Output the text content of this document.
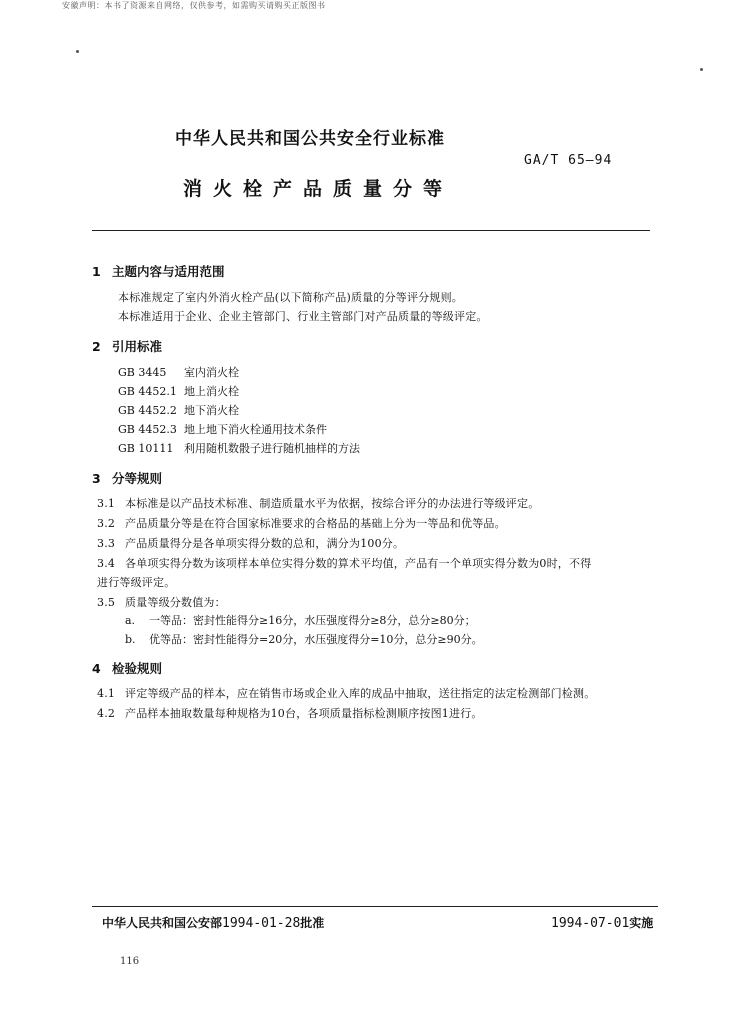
安徽声明：本书了资源来自网络，仅供参考，如需购买请购买正版图书
中华人民共和国公共安全行业标准
GA/T 65—94
消火栓产品质量分等
1 主题内容与适用范围
本标准规定了室内外消火栓产品(以下简称产品)质量的分等评分规则。
本标准适用于企业、企业主管部门、行业主管部门对产品质量的等级评定。
2 引用标准
GB 3445 室内消火栓
GB 4452.1 地上消火栓
GB 4452.2 地下消火栓
GB 4452.3 地上地下消火栓通用技术条件
GB 10111 利用随机数骰子进行随机抽样的方法
3 分等规则
3.1 本标准是以产品技术标准、制造质量水平为依据，按综合评分的办法进行等级评定。
3.2 产品质量分等是在符合国家标准要求的合格品的基础上分为一等品和优等品。
3.3 产品质量得分是各单项实得分数的总和，满分为100分。
3.4 各单项实得分数为该项样本单位实得分数的算术平均值，产品有一个单项实得分数为0时，不得
进行等级评定。
3.5 质量等级分数值为：
a. 一等品：密封性能得分≥16分，水压强度得分≥8分，总分≥80分；
b. 优等品：密封性能得分=20分，水压强度得分=10分，总分≥90分。
4 检验规则
4.1 评定等级产品的样本，应在销售市场或企业入库的成品中抽取，送往指定的法定检测部门检测。
4.2 产品样本抽取数量每种规格为10台，各项质量指标检测顺序按图1进行。
中华人民共和国公安部1994-01-28批准	1994-07-01实施
116
